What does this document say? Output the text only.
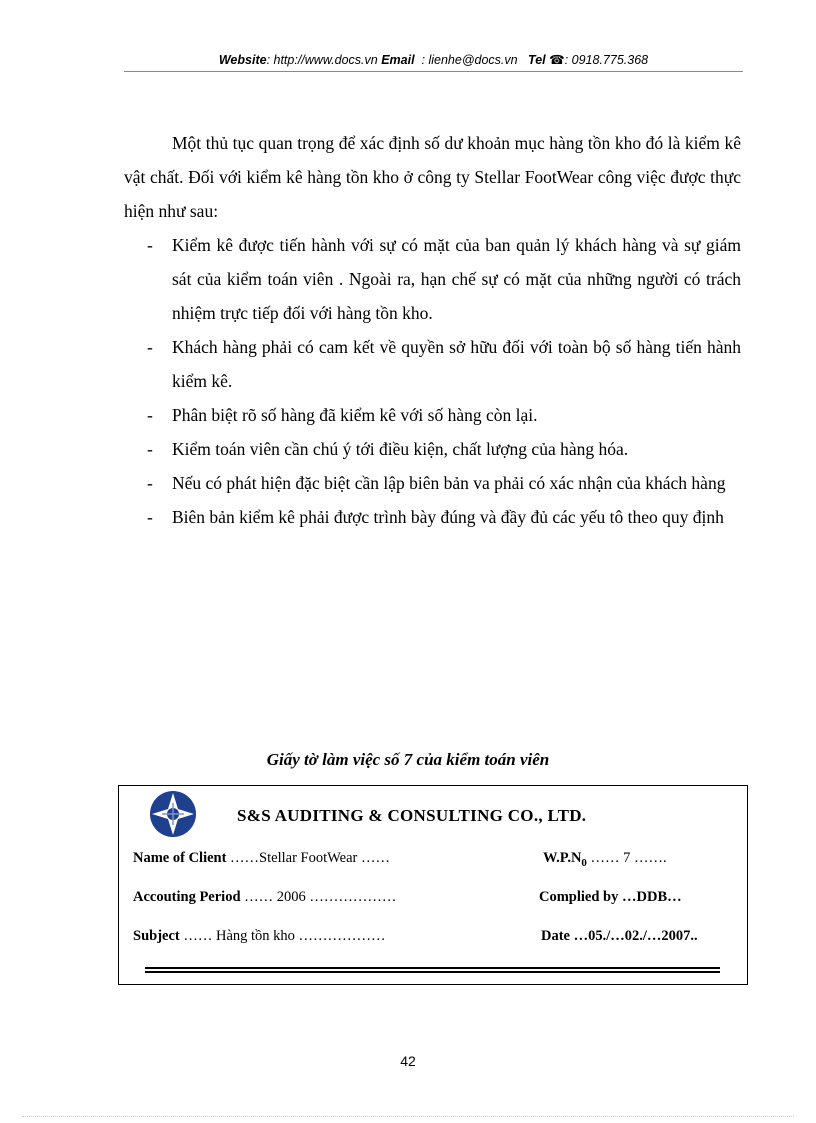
Website: http://www.docs.vn Email : lienhe@docs.vn Tel ☎: 0918.775.368

Một thủ tục quan trọng để xác định số dư khoản mục hàng tồn kho đó là kiểm kê vật chất. Đối với kiểm kê hàng tồn kho ở công ty Stellar FootWear công việc được thực hiện như sau:

- Kiểm kê được tiến hành với sự có mặt của ban quản lý khách hàng và sự giám sát của kiểm toán viên . Ngoài ra, hạn chế sự có mặt của những người có trách nhiệm trực tiếp đối với hàng tồn kho.
- Khách hàng phải có cam kết về quyền sở hữu đối với toàn bộ số hàng tiến hành kiểm kê.
- Phân biệt rõ số hàng đã kiểm kê với số hàng còn lại.
- Kiểm toán viên cần chú ý tới điều kiện, chất lượng của hàng hóa.
- Nếu có phát hiện đặc biệt cần lập biên bản va phải có xác nhận của khách hàng
- Biên bản kiểm kê phải được trình bày đúng và đầy đủ các yếu tô theo quy định
Giấy tờ làm việc số 7 của kiểm toán viên
S&S AUDITING & CONSULTING CO., LTD.
Name of Client ……Stellar FootWear ……	$W.P.N_0$ …… 7 …….
Accouting Period …… 2006 ………………	Complied by …DDB…
Subject …… Hàng tồn kho ………………	Date …05./…02./…2007..
42
